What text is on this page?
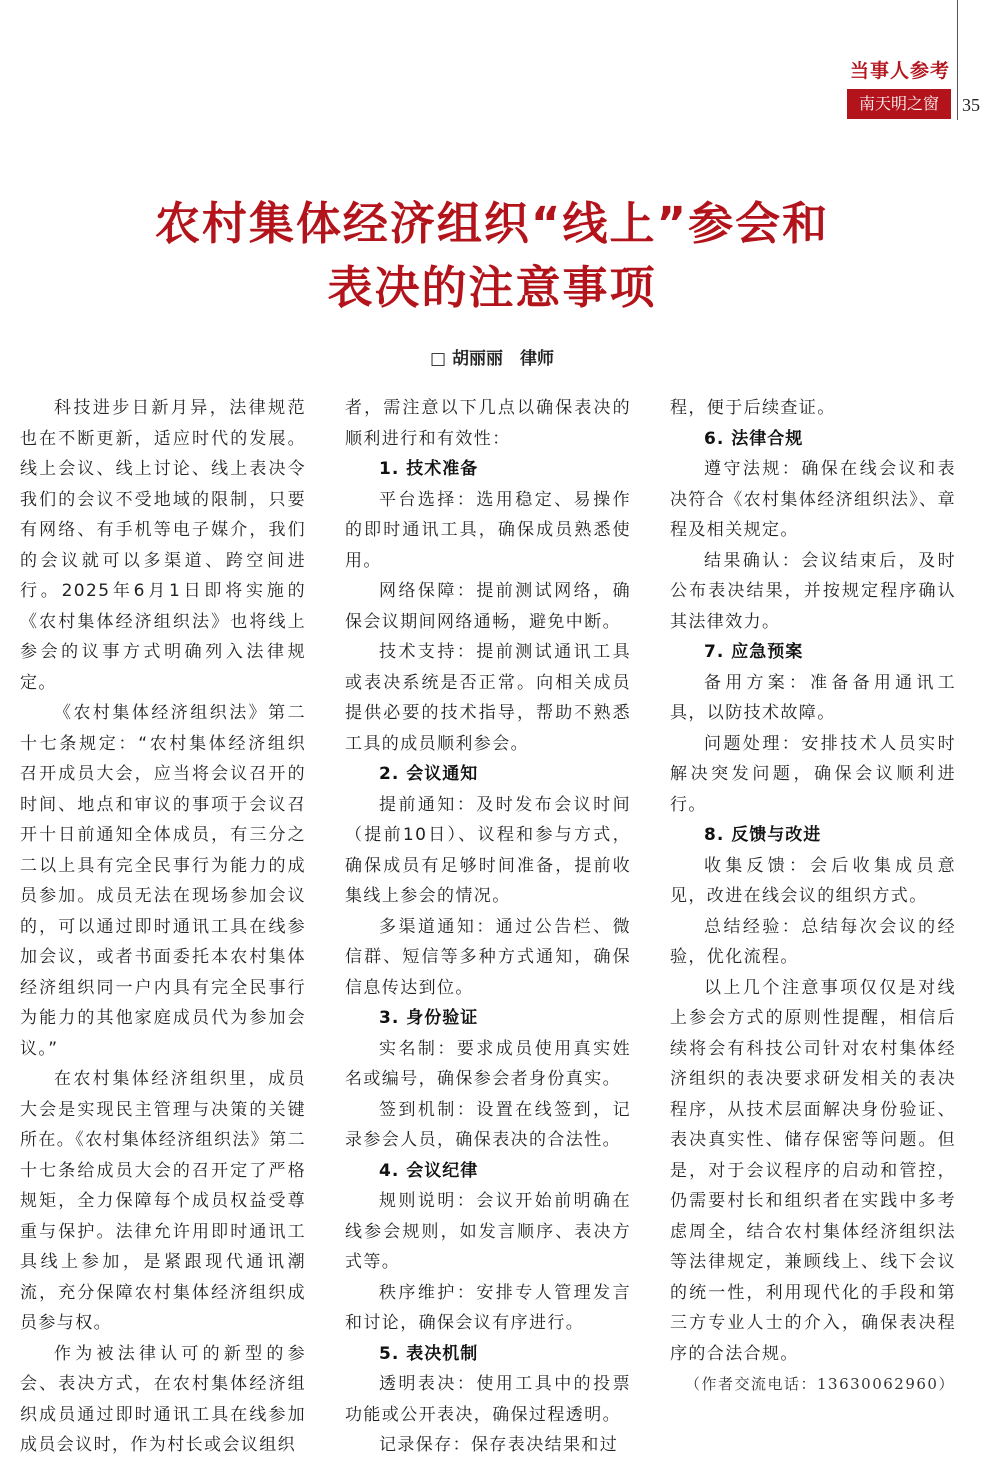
当事人参考
南天明之窗	35
农村集体经济组织“线上”参会和
表决的注意事项
□ 胡丽丽　律师

科技进步日新月异，法律规范也在不断更新，适应时代的发展。线上会议、线上讨论、线上表决令我们的会议不受地域的限制，只要有网络、有手机等电子媒介，我们的会议就可以多渠道、跨空间进行。2025年6月1日即将实施的《农村集体经济组织法》也将线上参会的议事方式明确列入法律规定。

《农村集体经济组织法》第二十七条规定：“农村集体经济组织召开成员大会，应当将会议召开的时间、地点和审议的事项于会议召开十日前通知全体成员，有三分之二以上具有完全民事行为能力的成员参加。成员无法在现场参加会议的，可以通过即时通讯工具在线参加会议，或者书面委托本农村集体经济组织同一户内具有完全民事行为能力的其他家庭成员代为参加会议。”

在农村集体经济组织里，成员大会是实现民主管理与决策的关键所在。《农村集体经济组织法》第二十七条给成员大会的召开定了严格规矩，全力保障每个成员权益受尊重与保护。法律允许用即时通讯工具线上参加，是紧跟现代通讯潮流，充分保障农村集体经济组织成员参与权。

作为被法律认可的新型的参会、表决方式，在农村集体经济组织成员通过即时通讯工具在线参加成员会议时，作为村长或会议组织

者，需注意以下几点以确保表决的顺利进行和有效性：

1. 技术准备

平台选择：选用稳定、易操作的即时通讯工具，确保成员熟悉使用。

网络保障：提前测试网络，确保会议期间网络通畅，避免中断。

技术支持：提前测试通讯工具或表决系统是否正常。向相关成员提供必要的技术指导，帮助不熟悉工具的成员顺利参会。

2. 会议通知

提前通知：及时发布会议时间（提前10日）、议程和参与方式，确保成员有足够时间准备，提前收集线上参会的情况。

多渠道通知：通过公告栏、微信群、短信等多种方式通知，确保信息传达到位。

3. 身份验证

实名制：要求成员使用真实姓名或编号，确保参会者身份真实。

签到机制：设置在线签到，记录参会人员，确保表决的合法性。

4. 会议纪律

规则说明：会议开始前明确在线参会规则，如发言顺序、表决方式等。

秩序维护：安排专人管理发言和讨论，确保会议有序进行。

5. 表决机制

透明表决：使用工具中的投票功能或公开表决，确保过程透明。

记录保存：保存表决结果和过

程，便于后续查证。

6. 法律合规

遵守法规：确保在线会议和表决符合《农村集体经济组织法》、章程及相关规定。

结果确认：会议结束后，及时公布表决结果，并按规定程序确认其法律效力。

7. 应急预案

备用方案：准备备用通讯工具，以防技术故障。

问题处理：安排技术人员实时解决突发问题，确保会议顺利进行。

8. 反馈与改进

收集反馈：会后收集成员意见，改进在线会议的组织方式。

总结经验：总结每次会议的经验，优化流程。

以上几个注意事项仅仅是对线上参会方式的原则性提醒，相信后续将会有科技公司针对农村集体经济组织的表决要求研发相关的表决程序，从技术层面解决身份验证、表决真实性、储存保密等问题。但是，对于会议程序的启动和管控，仍需要村长和组织者在实践中多考虑周全，结合农村集体经济组织法等法律规定，兼顾线上、线下会议的统一性，利用现代化的手段和第三方专业人士的介入，确保表决程序的合法合规。

（作者交流电话：13630062960）
